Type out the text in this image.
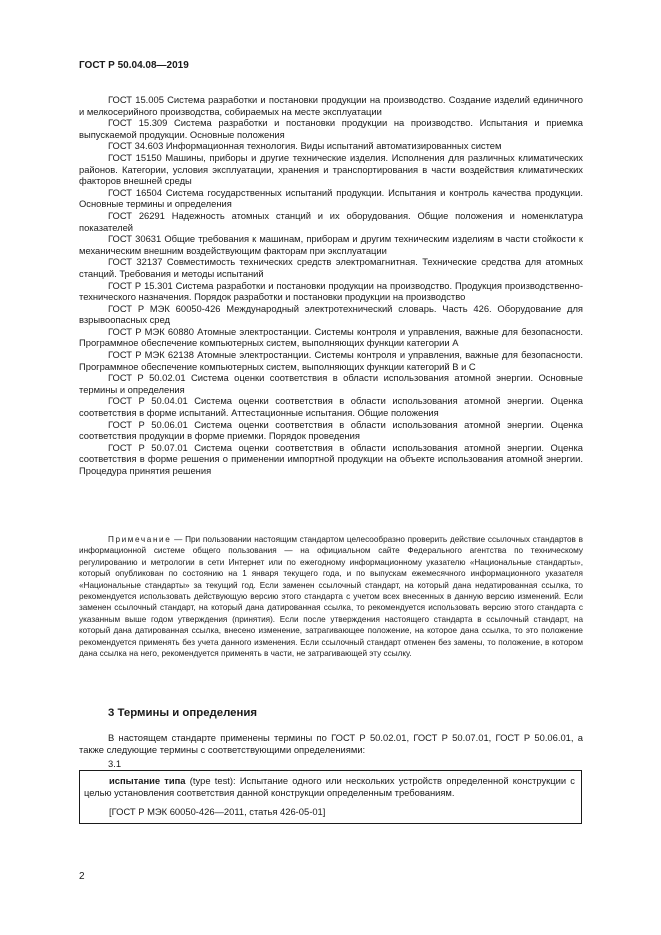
ГОСТ Р 50.04.08—2019

ГОСТ 15.005 Система разработки и постановки продукции на производство. Создание изделий единичного и мелкосерийного производства, собираемых на месте эксплуатации

ГОСТ 15.309 Система разработки и постановки продукции на производство. Испытания и приемка выпускаемой продукции. Основные положения

ГОСТ 34.603 Информационная технология. Виды испытаний автоматизированных систем

ГОСТ 15150 Машины, приборы и другие технические изделия. Исполнения для различных климатических районов. Категории, условия эксплуатации, хранения и транспортирования в части воздействия климатических факторов внешней среды

ГОСТ 16504 Система государственных испытаний продукции. Испытания и контроль качества продукции. Основные термины и определения

ГОСТ 26291 Надежность атомных станций и их оборудования. Общие положения и номенклатура показателей

ГОСТ 30631 Общие требования к машинам, приборам и другим техническим изделиям в части стойкости к механическим внешним воздействующим факторам при эксплуатации

ГОСТ 32137 Совместимость технических средств электромагнитная. Технические средства для атомных станций. Требования и методы испытаний

ГОСТ Р 15.301 Система разработки и постановки продукции на производство. Продукция производственно-технического назначения. Порядок разработки и постановки продукции на производство

ГОСТ Р МЭК 60050-426 Международный электротехнический словарь. Часть 426. Оборудование для взрывоопасных сред

ГОСТ Р МЭК 60880 Атомные электростанции. Системы контроля и управления, важные для безопасности. Программное обеспечение компьютерных систем, выполняющих функции категории А

ГОСТ Р МЭК 62138 Атомные электростанции. Системы контроля и управления, важные для безопасности. Программное обеспечение компьютерных систем, выполняющих функции категорий В и С

ГОСТ Р 50.02.01 Система оценки соответствия в области использования атомной энергии. Основные термины и определения

ГОСТ Р 50.04.01 Система оценки соответствия в области использования атомной энергии. Оценка соответствия в форме испытаний. Аттестационные испытания. Общие положения

ГОСТ Р 50.06.01 Система оценки соответствия в области использования атомной энергии. Оценка соответствия продукции в форме приемки. Порядок проведения

ГОСТ Р 50.07.01 Система оценки соответствия в области использования атомной энергии. Оценка соответствия в форме решения о применении импортной продукции на объекте использования атомной энергии. Процедура принятия решения

Примечание — При пользовании настоящим стандартом целесообразно проверить действие ссылочных стандартов в информационной системе общего пользования — на официальном сайте Федерального агентства по техническому регулированию и метрологии в сети Интернет или по ежегодному информационному указателю «Национальные стандарты», который опубликован по состоянию на 1 января текущего года, и по выпускам ежемесячного информационного указателя «Национальные стандарты» за текущий год. Если заменен ссылочный стандарт, на который дана недатированная ссылка, то рекомендуется использовать действующую версию этого стандарта с учетом всех внесенных в данную версию изменений. Если заменен ссылочный стандарт, на который дана датированная ссылка, то рекомендуется использовать версию этого стандарта с указанным выше годом утверждения (принятия). Если после утверждения настоящего стандарта в ссылочный стандарт, на который дана датированная ссылка, внесено изменение, затрагивающее положение, на которое дана ссылка, то это положение рекомендуется применять без учета данного изменения. Если ссылочный стандарт отменен без замены, то положение, в котором дана ссылка на него, рекомендуется применять в части, не затрагивающей эту ссылку.

3 Термины и определения

В настоящем стандарте применены термины по ГОСТ Р 50.02.01, ГОСТ Р 50.07.01, ГОСТ Р 50.06.01, а также следующие термины с соответствующими определениями:

3.1

испытание типа (type test): Испытание одного или нескольких устройств определенной конструкции с целью установления соответствия данной конструкции определенным требованиям.

[ГОСТ Р МЭК 60050-426—2011, статья 426-05-01]
2
